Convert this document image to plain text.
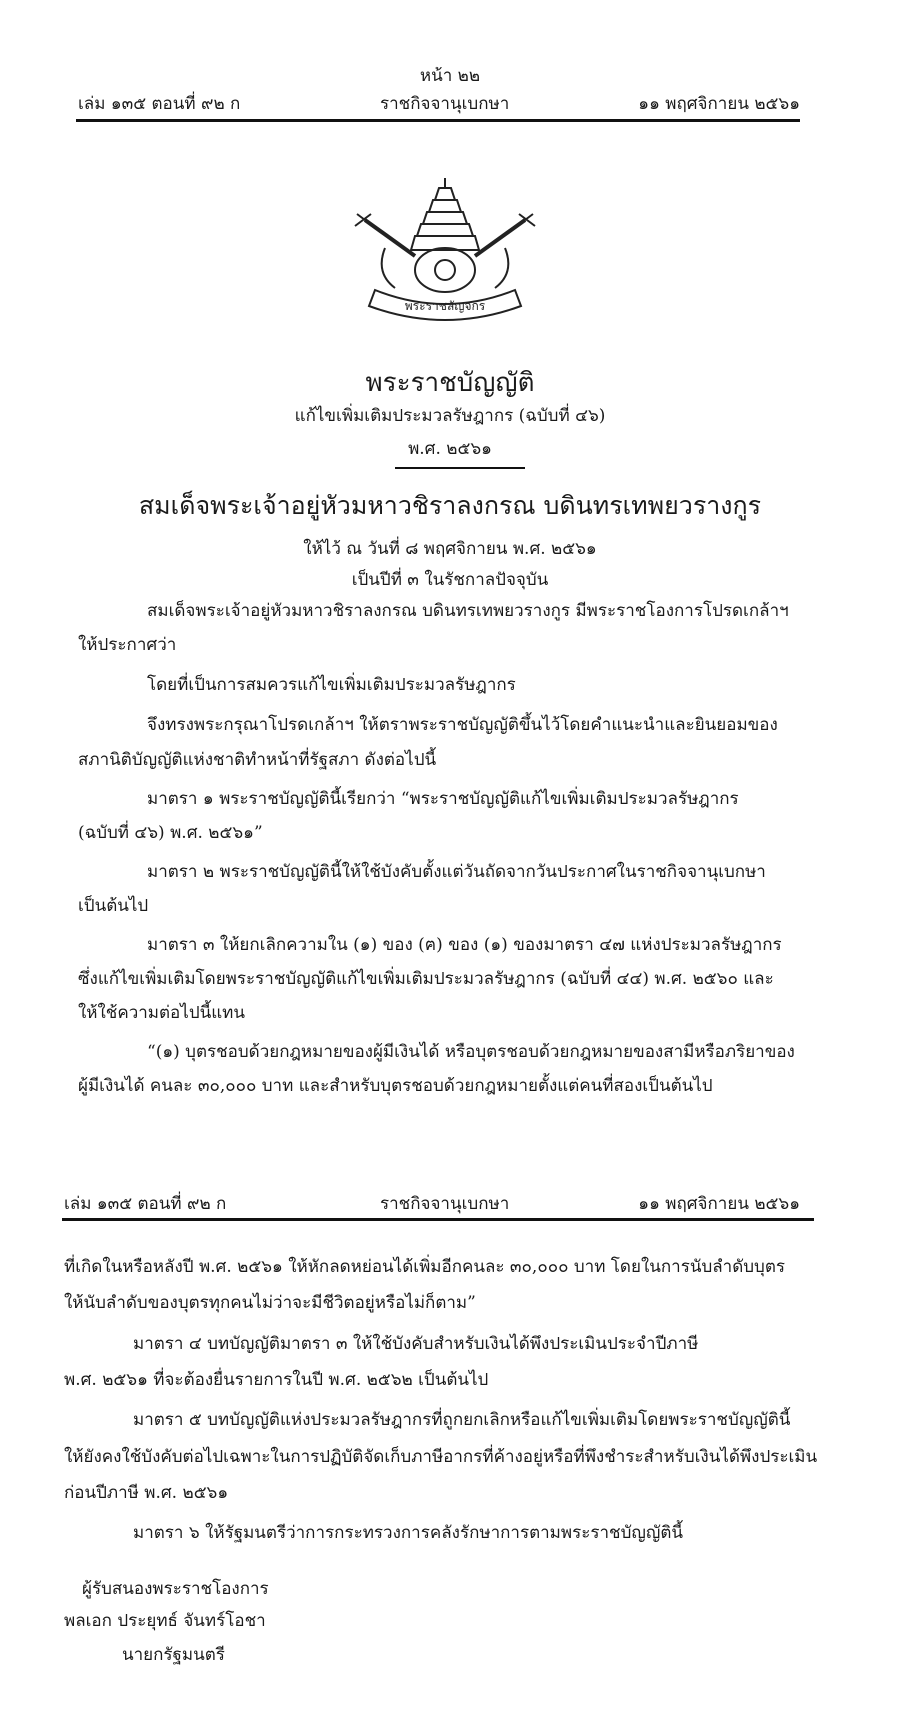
หน้า ๒๒
เล่ม ๑๓๕ ตอนที่ ๙๒ ก	ราชกิจจานุเบกษา	๑๑ พฤศจิกายน ๒๕๖๑
พระราชลัญจกร
พระราชบัญญัติ
แก้ไขเพิ่มเติมประมวลรัษฎากร (ฉบับที่ ๔๖)
พ.ศ. ๒๕๖๑
สมเด็จพระเจ้าอยู่หัวมหาวชิราลงกรณ บดินทรเทพยวรางกูร
ให้ไว้ ณ วันที่ ๘ พฤศจิกายน พ.ศ. ๒๕๖๑
เป็นปีที่ ๓ ในรัชกาลปัจจุบัน
สมเด็จพระเจ้าอยู่หัวมหาวชิราลงกรณ บดินทรเทพยวรางกูร มีพระราชโองการโปรดเกล้าฯ
ให้ประกาศว่า
โดยที่เป็นการสมควรแก้ไขเพิ่มเติมประมวลรัษฎากร
จึงทรงพระกรุณาโปรดเกล้าฯ ให้ตราพระราชบัญญัติขึ้นไว้โดยคำแนะนำและยินยอมของ
สภานิติบัญญัติแห่งชาติทำหน้าที่รัฐสภา ดังต่อไปนี้
มาตรา ๑ พระราชบัญญัตินี้เรียกว่า “พระราชบัญญัติแก้ไขเพิ่มเติมประมวลรัษฎากร
(ฉบับที่ ๔๖) พ.ศ. ๒๕๖๑”
มาตรา ๒ พระราชบัญญัตินี้ให้ใช้บังคับตั้งแต่วันถัดจากวันประกาศในราชกิจจานุเบกษา
เป็นต้นไป
มาตรา ๓ ให้ยกเลิกความใน (๑) ของ (ฅ) ของ (๑) ของมาตรา ๔๗ แห่งประมวลรัษฎากร
ซึ่งแก้ไขเพิ่มเติมโดยพระราชบัญญัติแก้ไขเพิ่มเติมประมวลรัษฎากร (ฉบับที่ ๔๔) พ.ศ. ๒๕๖๐ และ
ให้ใช้ความต่อไปนี้แทน
“(๑) บุตรชอบด้วยกฎหมายของผู้มีเงินได้ หรือบุตรชอบด้วยกฎหมายของสามีหรือภริยาของ
ผู้มีเงินได้ คนละ ๓๐,๐๐๐ บาท และสำหรับบุตรชอบด้วยกฎหมายตั้งแต่คนที่สองเป็นต้นไป
เล่ม ๑๓๕ ตอนที่ ๙๒ ก	ราชกิจจานุเบกษา	๑๑ พฤศจิกายน ๒๕๖๑
ที่เกิดในหรือหลังปี พ.ศ. ๒๕๖๑ ให้หักลดหย่อนได้เพิ่มอีกคนละ ๓๐,๐๐๐ บาท โดยในการนับลำดับบุตร
ให้นับลำดับของบุตรทุกคนไม่ว่าจะมีชีวิตอยู่หรือไม่ก็ตาม”
มาตรา ๔ บทบัญญัติมาตรา ๓ ให้ใช้บังคับสำหรับเงินได้พึงประเมินประจำปีภาษี
พ.ศ. ๒๕๖๑ ที่จะต้องยื่นรายการในปี พ.ศ. ๒๕๖๒ เป็นต้นไป
มาตรา ๕ บทบัญญัติแห่งประมวลรัษฎากรที่ถูกยกเลิกหรือแก้ไขเพิ่มเติมโดยพระราชบัญญัตินี้
ให้ยังคงใช้บังคับต่อไปเฉพาะในการปฏิบัติจัดเก็บภาษีอากรที่ค้างอยู่หรือที่พึงชำระสำหรับเงินได้พึงประเมิน
ก่อนปีภาษี พ.ศ. ๒๕๖๑
มาตรา ๖ ให้รัฐมนตรีว่าการกระทรวงการคลังรักษาการตามพระราชบัญญัตินี้
ผู้รับสนองพระราชโองการ
พลเอก ประยุทธ์ จันทร์โอชา
นายกรัฐมนตรี
